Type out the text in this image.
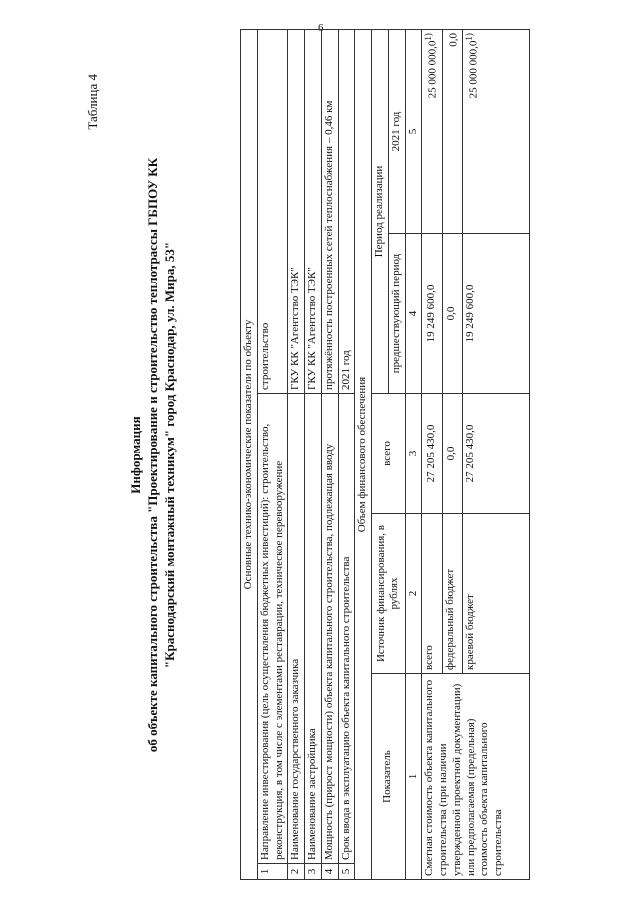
6
Таблица 4
Информация об объекте капитального строительства "Проектирование и строительство теплотрассы ГБПОУ КК "Краснодарский монтажный техникум" город Краснодар, ул. Мира, 53"	Основные технико-экономические показатели по объекту					
1	Направление инвестирования (цель осуществления бюджетных инвестиций): строительство, реконструкция, в том числе с элементами реставрации, техническое перевооружение			строительство	
2	Наименование государственного заказчика			ГКУ КК "Агентство ТЭК"	
3	Наименование застройщика			ГКУ КК "Агентство ТЭК"	
4	Мощность (прирост мощности) объекта капитального строительства, подлежащая вводу			протяжённость построенных сетей теплоснабжения – 0,46 км	
5	Срок ввода в эксплуатацию объекта капитального строительства			2021 год	
Объем финансового обеспечения					
Показатель		Источник финансирования, в рублях	всего	Период реализации	
				предшествующий период	2021 год
1		2	3	4	5
Сметная стоимость объекта капитального строительства (при наличии утвержденной проектной документации) или предполагаемая (предельная) стоимость объекта капитального строительства		всего	27 205 430,0	19 249 600,0	25 000 000,0$^{1)}$
		федеральный бюджет	0,0	0,0	0,0
		краевой бюджет	27 205 430,0	19 249 600,0	25 000 000,0$^{1)}$
